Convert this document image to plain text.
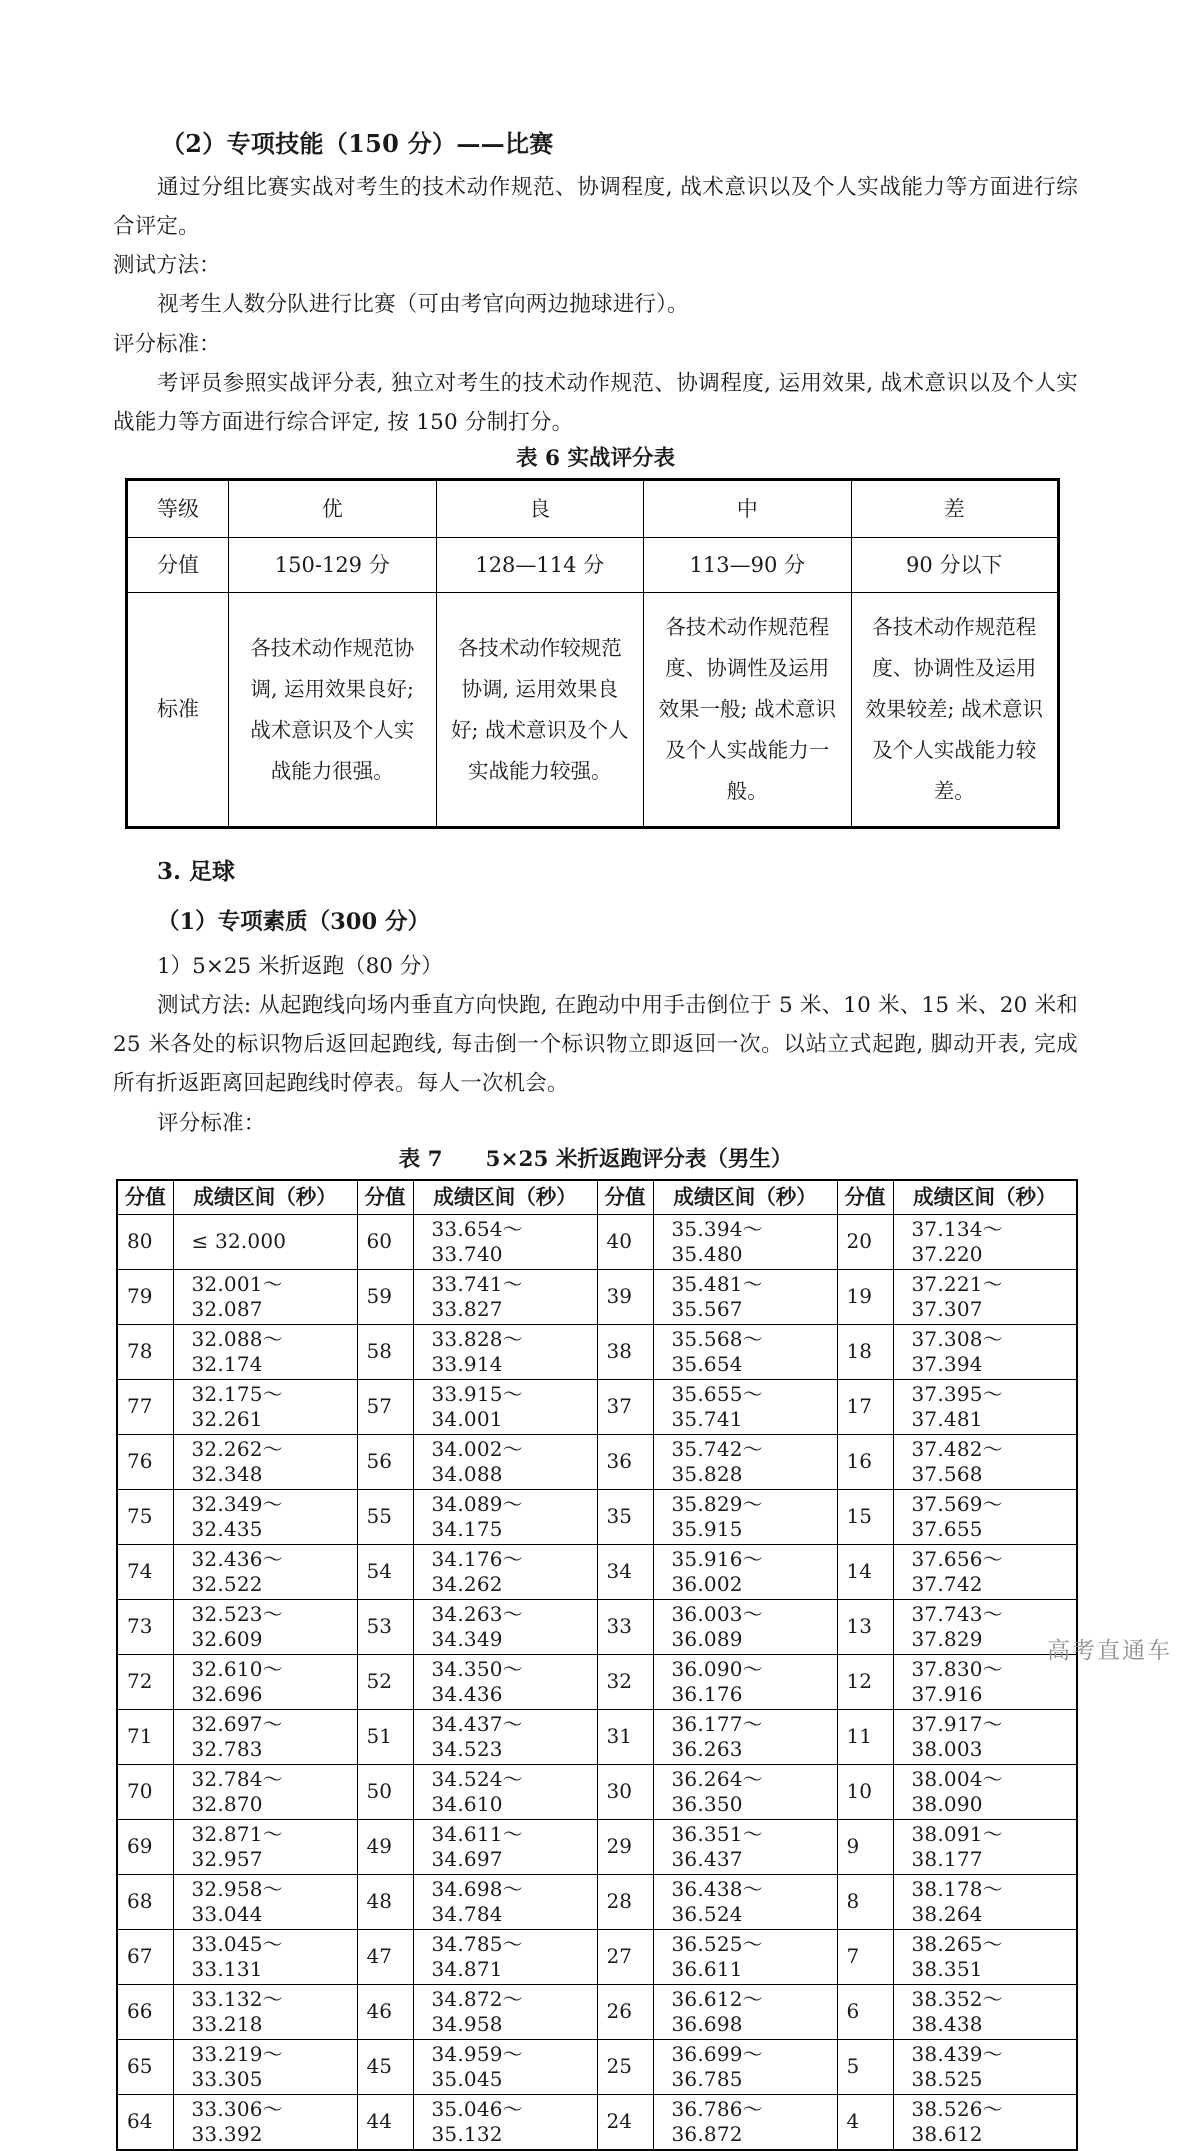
（2）专项技能（150 分）——比赛

通过分组比赛实战对考生的技术动作规范、协调程度, 战术意识以及个人实战能力等方面进行综合评定。

测试方法：

视考生人数分队进行比赛（可由考官向两边抛球进行）。

评分标准：

考评员参照实战评分表, 独立对考生的技术动作规范、协调程度, 运用效果, 战术意识以及个人实战能力等方面进行综合评定, 按 150 分制打分。

表 6 实战评分表

等级	优	良	中	差
分值	150-129 分	128—114 分	113—90 分	90 分以下
标准	各技术动作规范协调, 运用效果良好; 战术意识及个人实战能力很强。	各技术动作较规范协调, 运用效果良好; 战术意识及个人实战能力较强。	各技术动作规范程度、协调性及运用效果一般; 战术意识及个人实战能力一般。	各技术动作规范程度、协调性及运用效果较差; 战术意识及个人实战能力较差。

3. 足球

（1）专项素质（300 分）

1）5×25 米折返跑（80 分）

测试方法: 从起跑线向场内垂直方向快跑, 在跑动中用手击倒位于 5 米、10 米、15 米、20 米和 25 米各处的标识物后返回起跑线, 每击倒一个标识物立即返回一次。以站立式起跑, 脚动开表, 完成所有折返距离回起跑线时停表。每人一次机会。

评分标准：

表 7　　5×25 米折返跑评分表（男生）

分值	成绩区间（秒）	分值	成绩区间（秒）	分值	成绩区间（秒）	分值	成绩区间（秒）
80	≤ 32.000	60	33.654～33.740	40	35.394～35.480	20	37.134～37.220
79	32.001～32.087	59	33.741～33.827	39	35.481～35.567	19	37.221～37.307
78	32.088～32.174	58	33.828～33.914	38	35.568～35.654	18	37.308～37.394
77	32.175～32.261	57	33.915～34.001	37	35.655～35.741	17	37.395～37.481
76	32.262～32.348	56	34.002～34.088	36	35.742～35.828	16	37.482～37.568
75	32.349～32.435	55	34.089～34.175	35	35.829～35.915	15	37.569～37.655
74	32.436～32.522	54	34.176～34.262	34	35.916～36.002	14	37.656～37.742
73	32.523～32.609	53	34.263～34.349	33	36.003～36.089	13	37.743～37.829
72	32.610～32.696	52	34.350～34.436	32	36.090～36.176	12	37.830～37.916
71	32.697～32.783	51	34.437～34.523	31	36.177～36.263	11	37.917～38.003
70	32.784～32.870	50	34.524～34.610	30	36.264～36.350	10	38.004～38.090
69	32.871～32.957	49	34.611～34.697	29	36.351～36.437	9	38.091～38.177
68	32.958～33.044	48	34.698～34.784	28	36.438～36.524	8	38.178～38.264
67	33.045～33.131	47	34.785～34.871	27	36.525～36.611	7	38.265～38.351
66	33.132～33.218	46	34.872～34.958	26	36.612～36.698	6	38.352～38.438
65	33.219～33.305	45	34.959～35.045	25	36.699～36.785	5	38.439～38.525
64	33.306～33.392	44	35.046～35.132	24	36.786～36.872	4	38.526～38.612
高考直通车
